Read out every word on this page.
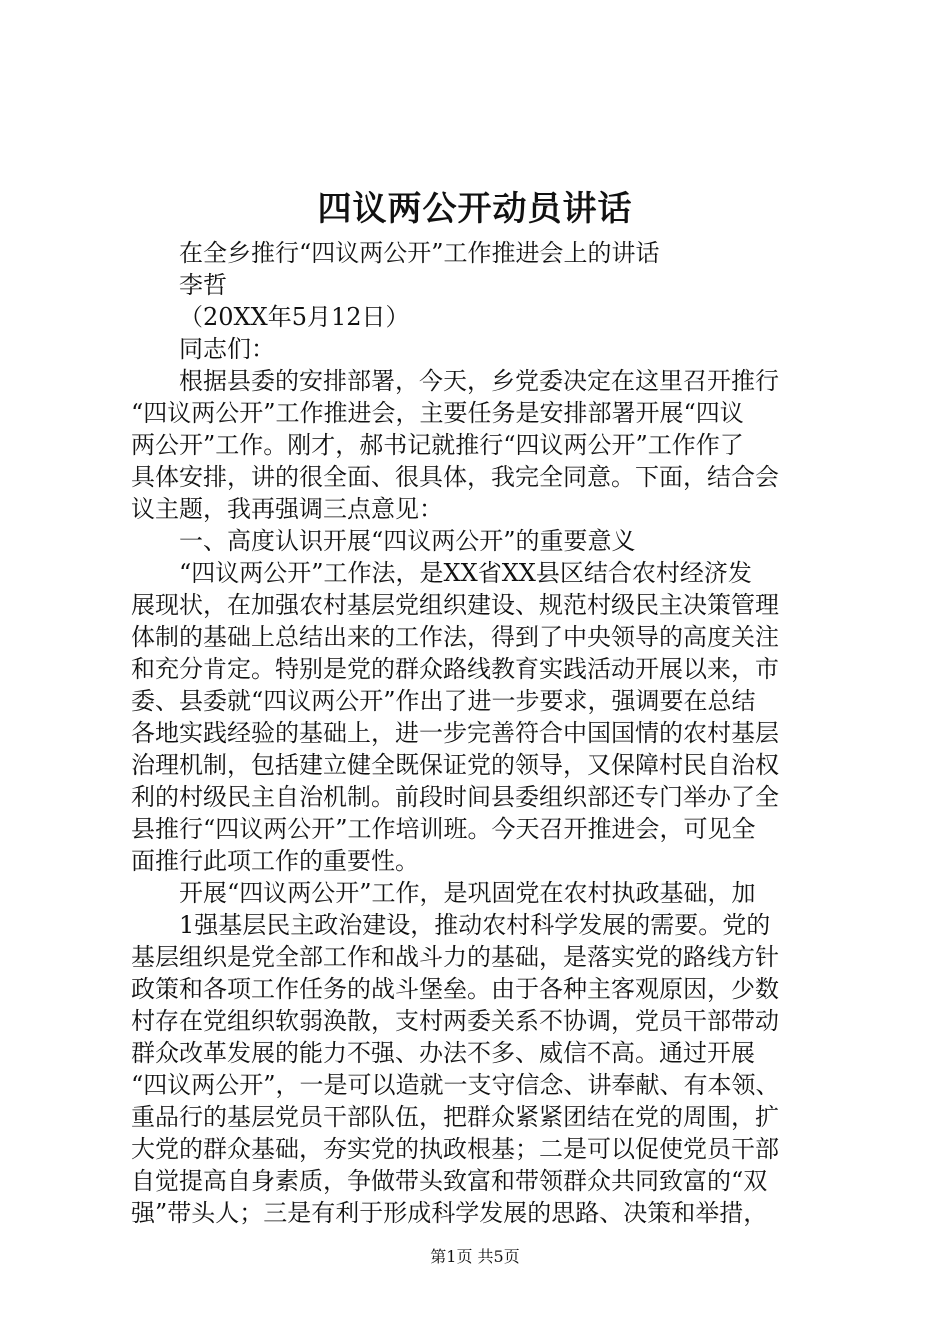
四议两公开动员讲话

在全乡推行“四议两公开”工作推进会上的讲话

李哲

（20XX年5月12日）

同志们：

根据县委的安排部署，今天，乡党委决定在这里召开推行
“四议两公开”工作推进会，主要任务是安排部署开展“四议
两公开”工作。刚才，郝书记就推行“四议两公开”工作作了
具体安排，讲的很全面、很具体，我完全同意。下面，结合会
议主题，我再强调三点意见：

一、高度认识开展“四议两公开”的重要意义

“四议两公开”工作法，是XX省XX县区结合农村经济发
展现状，在加强农村基层党组织建设、规范村级民主决策管理
体制的基础上总结出来的工作法，得到了中央领导的高度关注
和充分肯定。特别是党的群众路线教育实践活动开展以来，市
委、县委就“四议两公开”作出了进一步要求，强调要在总结
各地实践经验的基础上，进一步完善符合中国国情的农村基层
治理机制，包括建立健全既保证党的领导，又保障村民自治权
利的村级民主自治机制。前段时间县委组织部还专门举办了全
县推行“四议两公开”工作培训班。今天召开推进会，可见全
面推行此项工作的重要性。
开展“四议两公开”工作，是巩固党在农村执政基础，加
1强基层民主政治建设，推动农村科学发展的需要。党的
基层组织是党全部工作和战斗力的基础，是落实党的路线方针
政策和各项工作任务的战斗堡垒。由于各种主客观原因，少数
村存在党组织软弱涣散，支村两委关系不协调，党员干部带动
群众改革发展的能力不强、办法不多、威信不高。通过开展
“四议两公开”，一是可以造就一支守信念、讲奉献、有本领、
重品行的基层党员干部队伍，把群众紧紧团结在党的周围，扩
大党的群众基础，夯实党的执政根基；二是可以促使党员干部
自觉提高自身素质，争做带头致富和带领群众共同致富的“双
强”带头人；三是有利于形成科学发展的思路、决策和举措，
第1页 共5页
